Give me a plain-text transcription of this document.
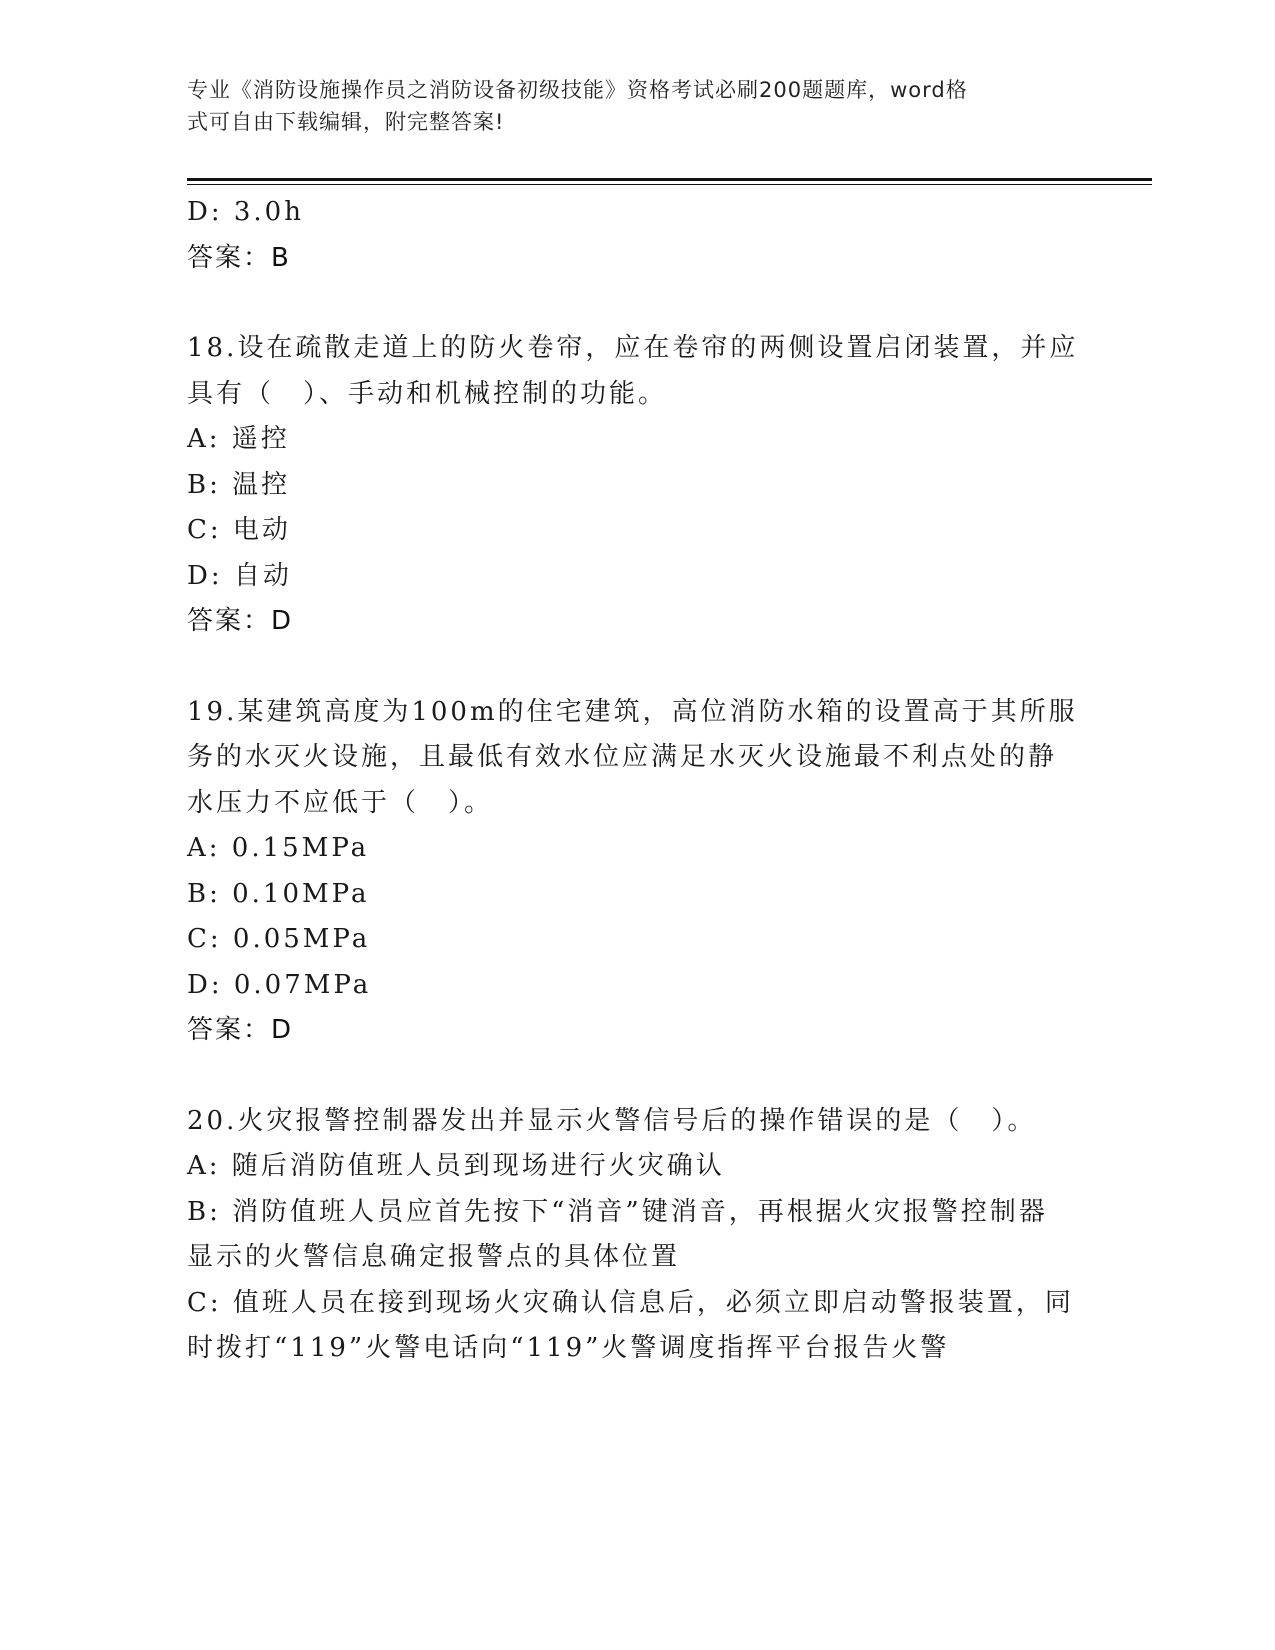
专业《消防设施操作员之消防设备初级技能》资格考试必刷200题题库，word格
式可自由下载编辑，附完整答案!
D: 3.0h
答案：B
18.设在疏散走道上的防火卷帘，应在卷帘的两侧设置启闭装置，并应
具有（　）、手动和机械控制的功能。
A: 遥控
B: 温控
C: 电动
D: 自动
答案：D
19.某建筑高度为100m的住宅建筑，高位消防水箱的设置高于其所服
务的水灭火设施，且最低有效水位应满足水灭火设施最不利点处的静
水压力不应低于（　）。
A: 0.15MPa
B: 0.10MPa
C: 0.05MPa
D: 0.07MPa
答案：D
20.火灾报警控制器发出并显示火警信号后的操作错误的是（　）。
A: 随后消防值班人员到现场进行火灾确认
B: 消防值班人员应首先按下“消音”键消音，再根据火灾报警控制器
显示的火警信息确定报警点的具体位置
C: 值班人员在接到现场火灾确认信息后，必须立即启动警报装置，同
时拨打“119”火警电话向“119”火警调度指挥平台报告火警
